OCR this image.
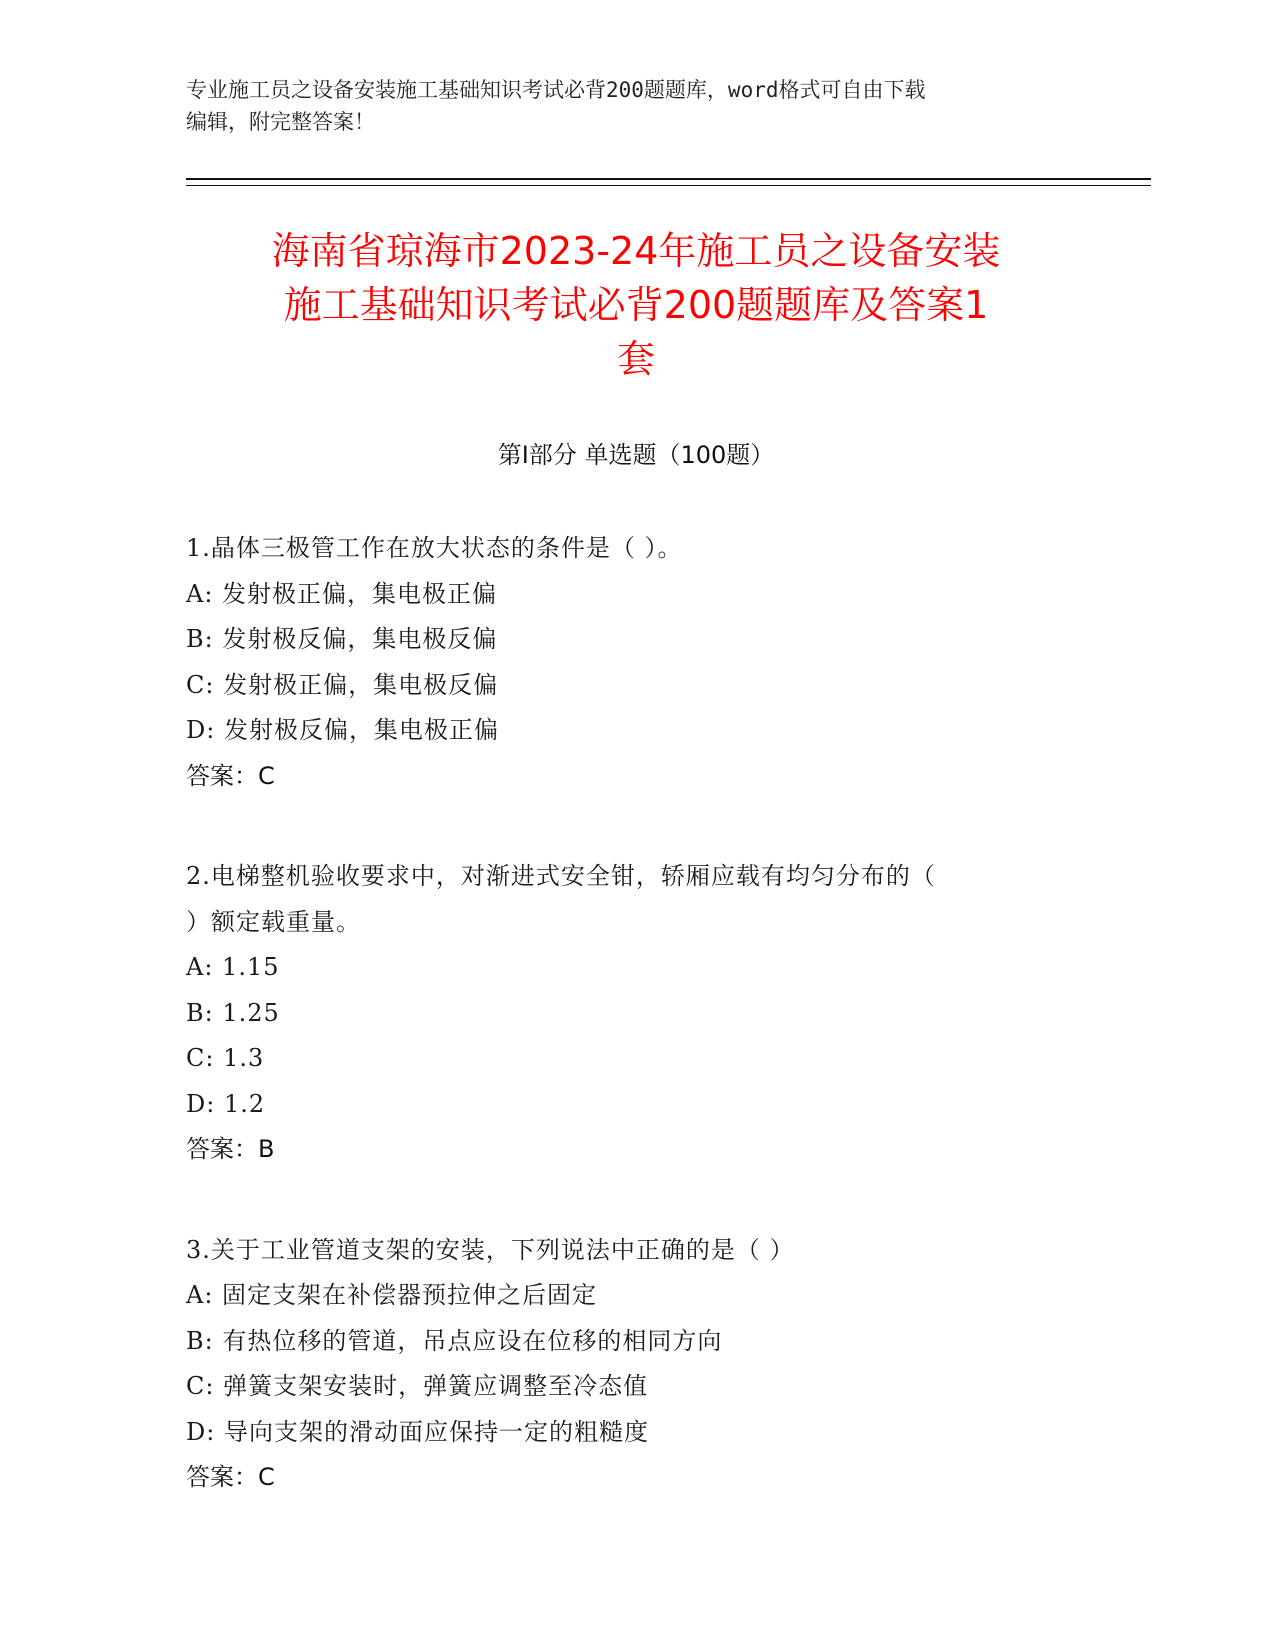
专业施工员之设备安装施工基础知识考试必背200题题库，word格式可自由下载
编辑，附完整答案！
海南省琼海市2023-24年施工员之设备安装
施工基础知识考试必背200题题库及答案1
套
第Ⅰ部分 单选题（100题）
1.晶体三极管工作在放大状态的条件是（ ）。
A: 发射极正偏，集电极正偏
B: 发射极反偏，集电极反偏
C: 发射极正偏，集电极反偏
D: 发射极反偏，集电极正偏
答案：C
2.电梯整机验收要求中，对渐进式安全钳，轿厢应载有均匀分布的（
）额定载重量。
A: 1.15
B: 1.25
C: 1.3
D: 1.2
答案：B
3.关于工业管道支架的安装，下列说法中正确的是（ ）
A: 固定支架在补偿器预拉伸之后固定
B: 有热位移的管道，吊点应设在位移的相同方向
C: 弹簧支架安装时，弹簧应调整至冷态值
D: 导向支架的滑动面应保持一定的粗糙度
答案：C
